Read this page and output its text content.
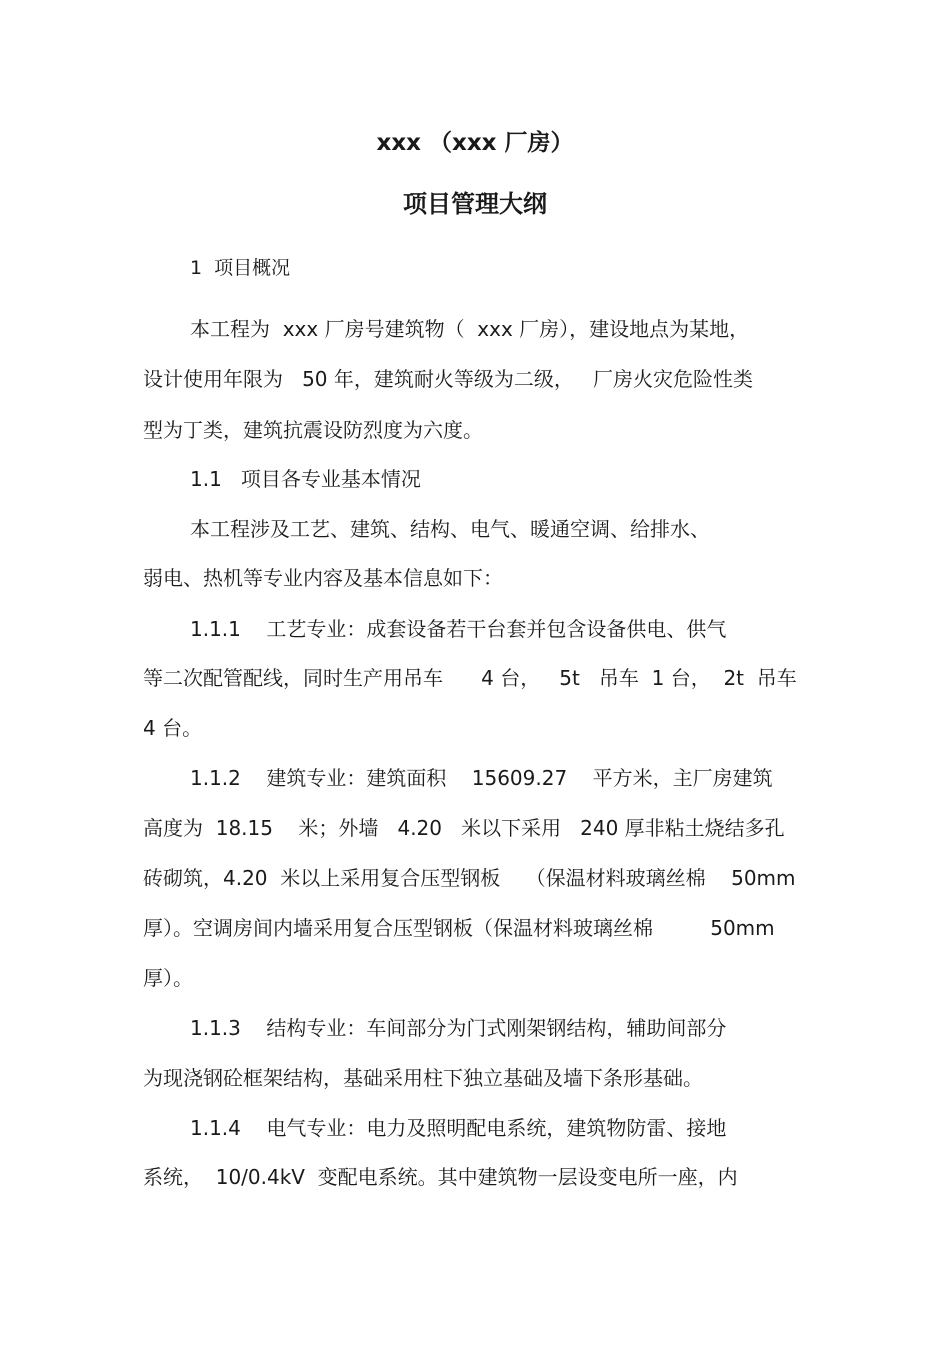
xxx （xxx 厂房）
项目管理大纲

1  项目概况

本工程为  xxx 厂房号建筑物（  xxx 厂房），建设地点为某地，

设计使用年限为   50 年，建筑耐火等级为二级，   厂房火灾危险性类

型为丁类，建筑抗震设防烈度为六度。

1.1   项目各专业基本情况

本工程涉及工艺、建筑、结构、电气、暖通空调、给排水、

弱电、热机等专业内容及基本信息如下：

1.1.1    工艺专业：成套设备若干台套并包含设备供电、供气

等二次配管配线，同时生产用吊车      4 台，   5t   吊车  1 台，  2t  吊车

4 台。

1.1.2    建筑专业：建筑面积    15609.27    平方米，主厂房建筑

高度为  18.15    米；外墙   4.20   米以下采用   240 厚非粘土烧结多孔

砖砌筑，4.20  米以上采用复合压型钢板    （保温材料玻璃丝棉    50mm

厚）。空调房间内墙采用复合压型钢板（保温材料玻璃丝棉         50mm

厚）。

1.1.3    结构专业：车间部分为门式刚架钢结构，辅助间部分

为现浇钢砼框架结构，基础采用柱下独立基础及墙下条形基础。

1.1.4    电气专业：电力及照明配电系统，建筑物防雷、接地

系统，  10/0.4kV  变配电系统。其中建筑物一层设变电所一座，内
